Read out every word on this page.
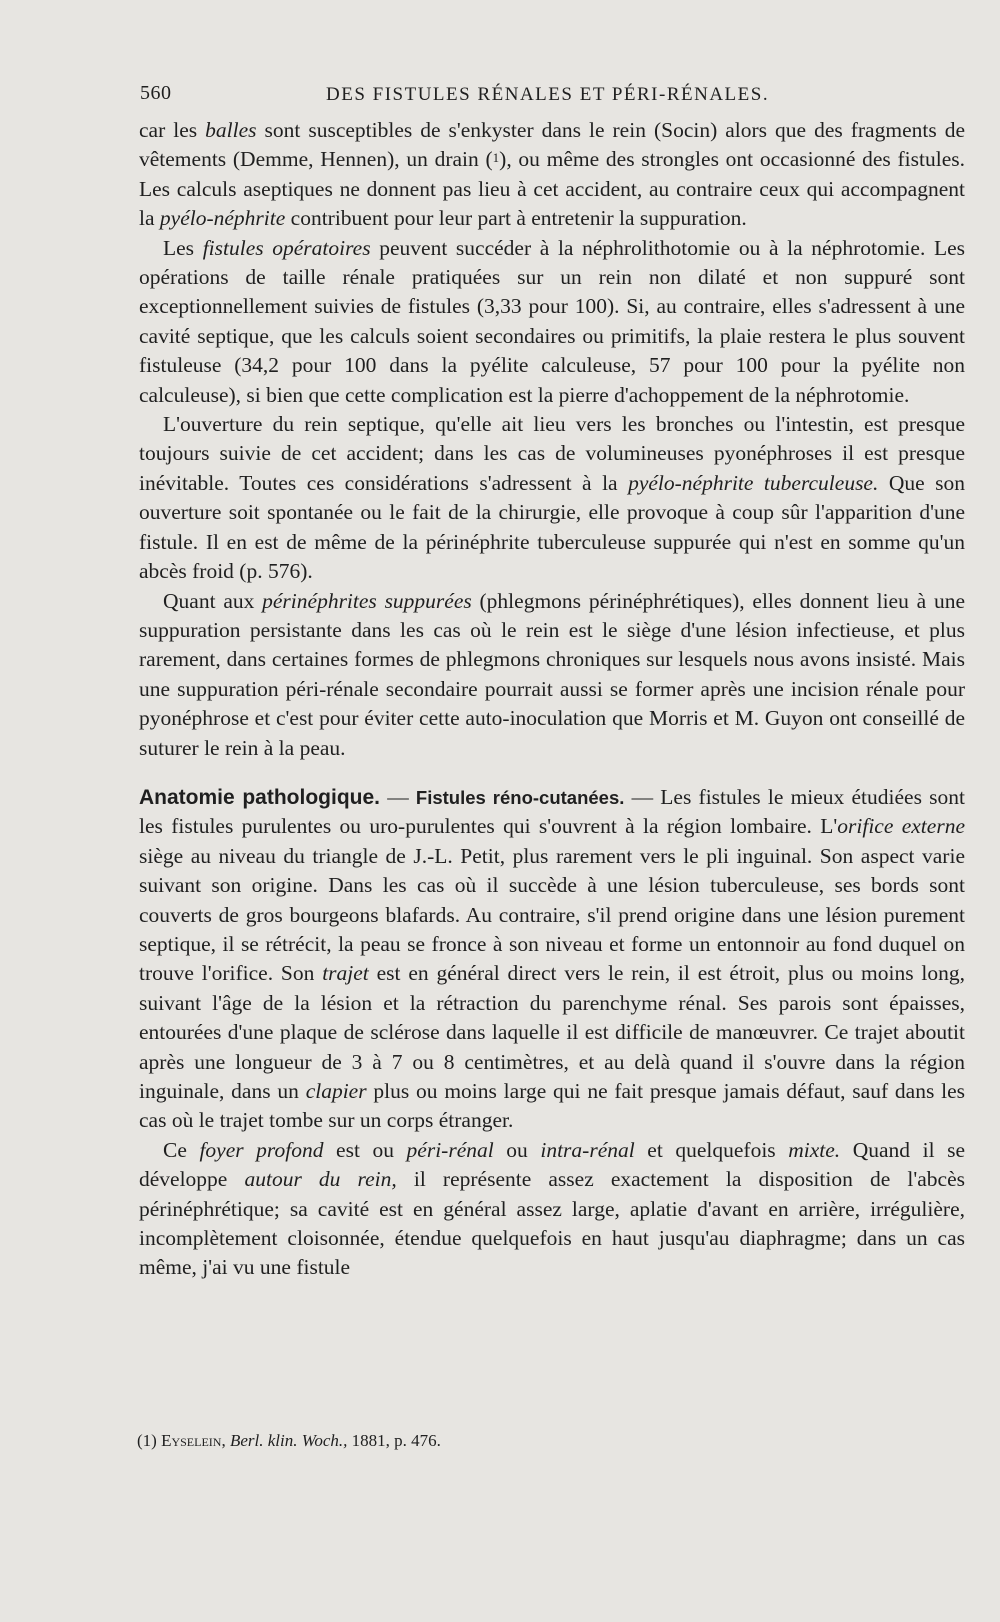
560	DES FISTULES RÉNALES ET PÉRI-RÉNALES.

car les balles sont susceptibles de s'enkyster dans le rein (Socin) alors que des fragments de vêtements (Demme, Hennen), un drain ($^1$), ou même des strongles ont occasionné des fistules. Les calculs aseptiques ne donnent pas lieu à cet accident, au contraire ceux qui accompagnent la pyélo-néphrite contribuent pour leur part à entretenir la suppuration.

Les fistules opératoires peuvent succéder à la néphrolithotomie ou à la néphrotomie. Les opérations de taille rénale pratiquées sur un rein non dilaté et non suppuré sont exceptionnellement suivies de fistules (3,33 pour 100). Si, au contraire, elles s'adressent à une cavité septique, que les calculs soient secondaires ou primitifs, la plaie restera le plus souvent fistuleuse (34,2 pour 100 dans la pyélite calculeuse, 57 pour 100 pour la pyélite non calculeuse), si bien que cette complication est la pierre d'achoppement de la néphrotomie.

L'ouverture du rein septique, qu'elle ait lieu vers les bronches ou l'intestin, est presque toujours suivie de cet accident; dans les cas de volumineuses pyonéphroses il est presque inévitable. Toutes ces considérations s'adressent à la pyélo-néphrite tuberculeuse. Que son ouverture soit spontanée ou le fait de la chirurgie, elle provoque à coup sûr l'apparition d'une fistule. Il en est de même de la périnéphrite tuberculeuse suppurée qui n'est en somme qu'un abcès froid (p. 576).

Quant aux périnéphrites suppurées (phlegmons périnéphrétiques), elles donnent lieu à une suppuration persistante dans les cas où le rein est le siège d'une lésion infectieuse, et plus rarement, dans certaines formes de phlegmons chroniques sur lesquels nous avons insisté. Mais une suppuration péri-rénale secondaire pourrait aussi se former après une incision rénale pour pyonéphrose et c'est pour éviter cette auto-inoculation que Morris et M. Guyon ont conseillé de suturer le rein à la peau.

Anatomie pathologique. — Fistules réno-cutanées. — Les fistules le mieux étudiées sont les fistules purulentes ou uro-purulentes qui s'ouvrent à la région lombaire. L'orifice externe siège au niveau du triangle de J.-L. Petit, plus rarement vers le pli inguinal. Son aspect varie suivant son origine. Dans les cas où il succède à une lésion tuberculeuse, ses bords sont couverts de gros bourgeons blafards. Au contraire, s'il prend origine dans une lésion purement septique, il se rétrécit, la peau se fronce à son niveau et forme un entonnoir au fond duquel on trouve l'orifice. Son trajet est en général direct vers le rein, il est étroit, plus ou moins long, suivant l'âge de la lésion et la rétraction du parenchyme rénal. Ses parois sont épaisses, entourées d'une plaque de sclérose dans laquelle il est difficile de manœuvrer. Ce trajet aboutit après une longueur de 3 à 7 ou 8 centimètres, et au delà quand il s'ouvre dans la région inguinale, dans un clapier plus ou moins large qui ne fait presque jamais défaut, sauf dans les cas où le trajet tombe sur un corps étranger.

Ce foyer profond est ou péri-rénal ou intra-rénal et quelquefois mixte. Quand il se développe autour du rein, il représente assez exactement la disposition de l'abcès périnéphrétique; sa cavité est en général assez large, aplatie d'avant en arrière, irrégulière, incomplètement cloisonnée, étendue quelquefois en haut jusqu'au diaphragme; dans un cas même, j'ai vu une fistule

(1) Eyselein, Berl. klin. Woch., 1881, p. 476.
